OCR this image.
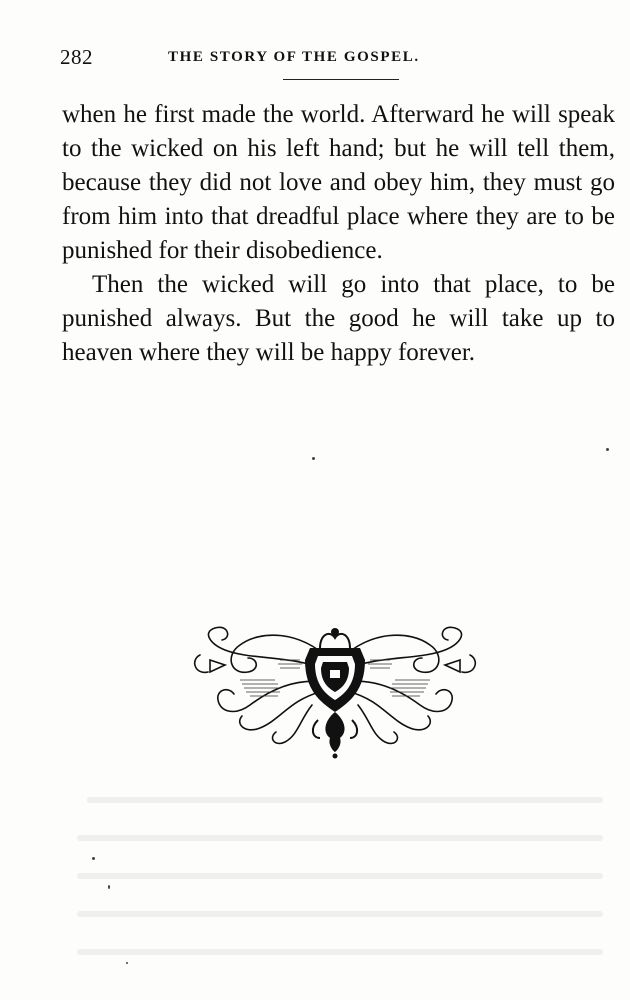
282	THE STORY OF THE GOSPEL.

when he first made the world. Afterward he will speak to the wicked on his left hand; but he will tell them, because they did not love and obey him, they must go from him into that dreadful place where they are to be punished for their disobedience.

Then the wicked will go into that place, to be punished always. But the good he will take up to heaven where they will be happy forever.
